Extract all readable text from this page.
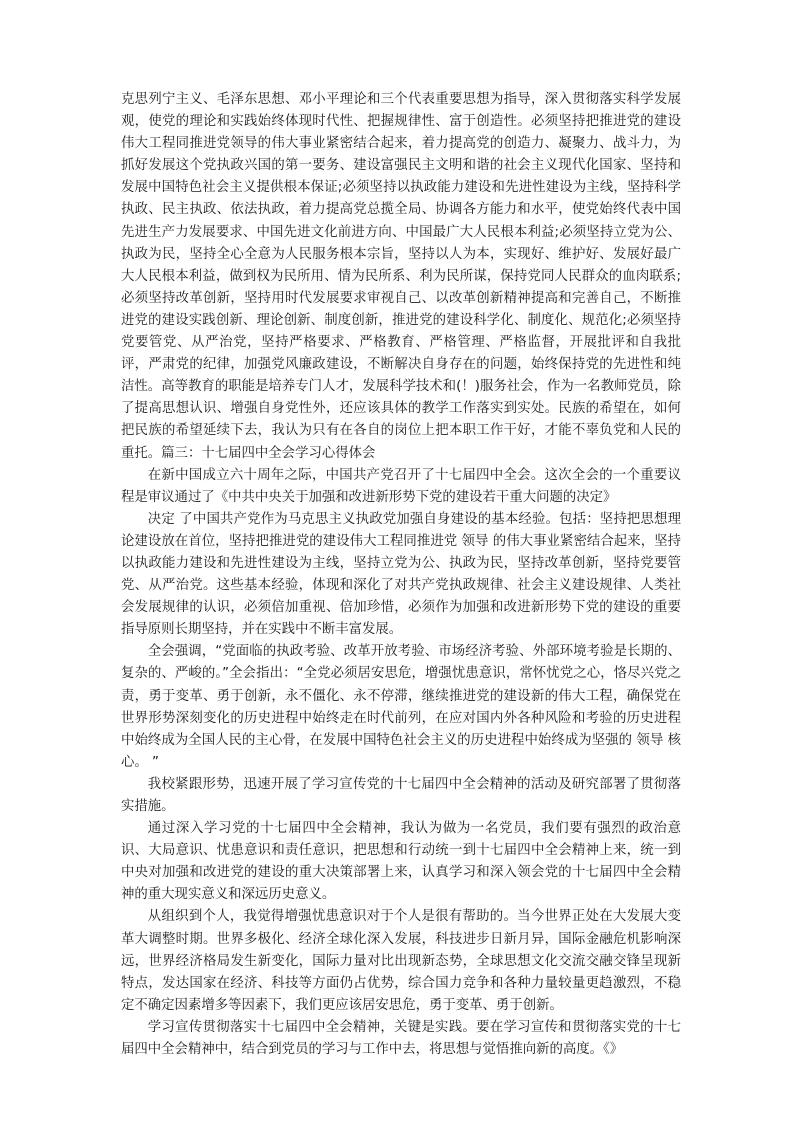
克思列宁主义、毛泽东思想、邓小平理论和三个代表重要思想为指导，深入贯彻落实科学发展观，使党的理论和实践始终体现时代性、把握规律性、富于创造性。必须坚持把推进党的建设伟大工程同推进党领导的伟大事业紧密结合起来，着力提高党的创造力、凝聚力、战斗力，为抓好发展这个党执政兴国的第一要务、建设富强民主文明和谐的社会主义现代化国家、坚持和发展中国特色社会主义提供根本保证;必须坚持以执政能力建设和先进性建设为主线，坚持科学执政、民主执政、依法执政，着力提高党总揽全局、协调各方能力和水平，使党始终代表中国先进生产力发展要求、中国先进文化前进方向、中国最广大人民根本利益;必须坚持立党为公、执政为民，坚持全心全意为人民服务根本宗旨，坚持以人为本，实现好、维护好、发展好最广大人民根本利益，做到权为民所用、情为民所系、利为民所谋，保持党同人民群众的血肉联系;必须坚持改革创新，坚持用时代发展要求审视自己、以改革创新精神提高和完善自己，不断推进党的建设实践创新、理论创新、制度创新，推进党的建设科学化、制度化、规范化;必须坚持党要管党、从严治党，坚持严格要求、严格教育、严格管理、严格监督，开展批评和自我批评，严肃党的纪律，加强党风廉政建设，不断解决自身存在的问题，始终保持党的先进性和纯洁性。高等教育的职能是培养专门人才，发展科学技术和(！)服务社会，作为一名教师党员，除了提高思想认识、增强自身党性外，还应该具体的教学工作落实到实处。民族的希望在，如何把民族的希望延续下去，我认为只有在各自的岗位上把本职工作干好，才能不辜负党和人民的重托。篇三：十七届四中全会学习心得体会

在新中国成立六十周年之际，中国共产党召开了十七届四中全会。这次全会的一个重要议程是审议通过了《中共中央关于加强和改进新形势下党的建设若干重大问题的决定》

决定 了中国共产党作为马克思主义执政党加强自身建设的基本经验。包括：坚持把思想理论建设放在首位，坚持把推进党的建设伟大工程同推进党 领导 的伟大事业紧密结合起来，坚持以执政能力建设和先进性建设为主线，坚持立党为公、执政为民，坚持改革创新，坚持党要管党、从严治党。这些基本经验，体现和深化了对共产党执政规律、社会主义建设规律、人类社会发展规律的认识，必须倍加重视、倍加珍惜，必须作为加强和改进新形势下党的建设的重要指导原则长期坚持，并在实践中不断丰富发展。

全会强调，“党面临的执政考验、改革开放考验、市场经济考验、外部环境考验是长期的、复杂的、严峻的。”全会指出：“全党必须居安思危，增强忧患意识，常怀忧党之心，恪尽兴党之责，勇于变革、勇于创新，永不僵化、永不停滞，继续推进党的建设新的伟大工程，确保党在世界形势深刻变化的历史进程中始终走在时代前列，在应对国内外各种风险和考验的历史进程中始终成为全国人民的主心骨，在发展中国特色社会主义的历史进程中始终成为坚强的 领导 核心。 ”

我校紧跟形势，迅速开展了学习宣传党的十七届四中全会精神的活动及研究部署了贯彻落实措施。

通过深入学习党的十七届四中全会精神，我认为做为一名党员，我们要有强烈的政治意识、大局意识、忧患意识和责任意识，把思想和行动统一到十七届四中全会精神上来，统一到中央对加强和改进党的建设的重大决策部署上来，认真学习和深入领会党的十七届四中全会精神的重大现实意义和深远历史意义。

从组织到个人，我觉得增强忧患意识对于个人是很有帮助的。当今世界正处在大发展大变革大调整时期。世界多极化、经济全球化深入发展，科技进步日新月异，国际金融危机影响深远，世界经济格局发生新变化，国际力量对比出现新态势，全球思想文化交流交融交锋呈现新特点，发达国家在经济、科技等方面仍占优势，综合国力竞争和各种力量较量更趋激烈，不稳定不确定因素增多等因素下，我们更应该居安思危，勇于变革、勇于创新。

学习宣传贯彻落实十七届四中全会精神，关键是实践。要在学习宣传和贯彻落实党的十七届四中全会精神中，结合到党员的学习与工作中去，将思想与觉悟推向新的高度。《》
